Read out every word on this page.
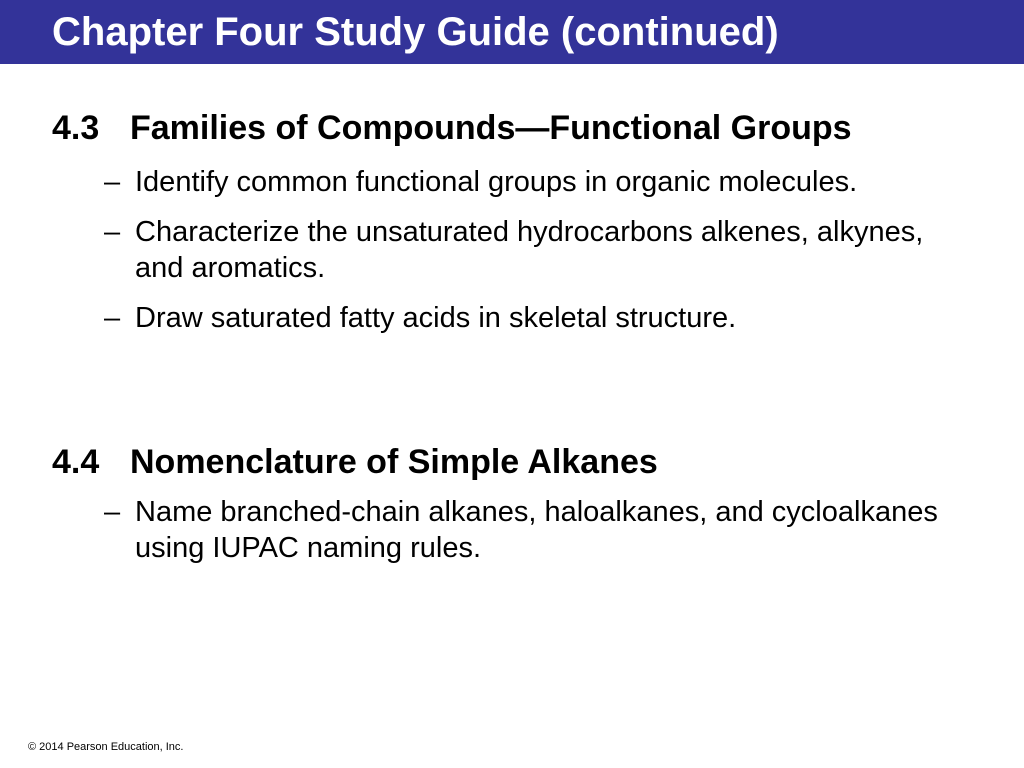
Chapter Four Study Guide (continued)
4.3 Families of Compounds—Functional Groups
– Identify common functional groups in organic molecules.
– Characterize the unsaturated hydrocarbons alkenes, alkynes, and aromatics.
– Draw saturated fatty acids in skeletal structure.
4.4 Nomenclature of Simple Alkanes
– Name branched-chain alkanes, haloalkanes, and cycloalkanes using IUPAC naming rules.
© 2014 Pearson Education, Inc.
